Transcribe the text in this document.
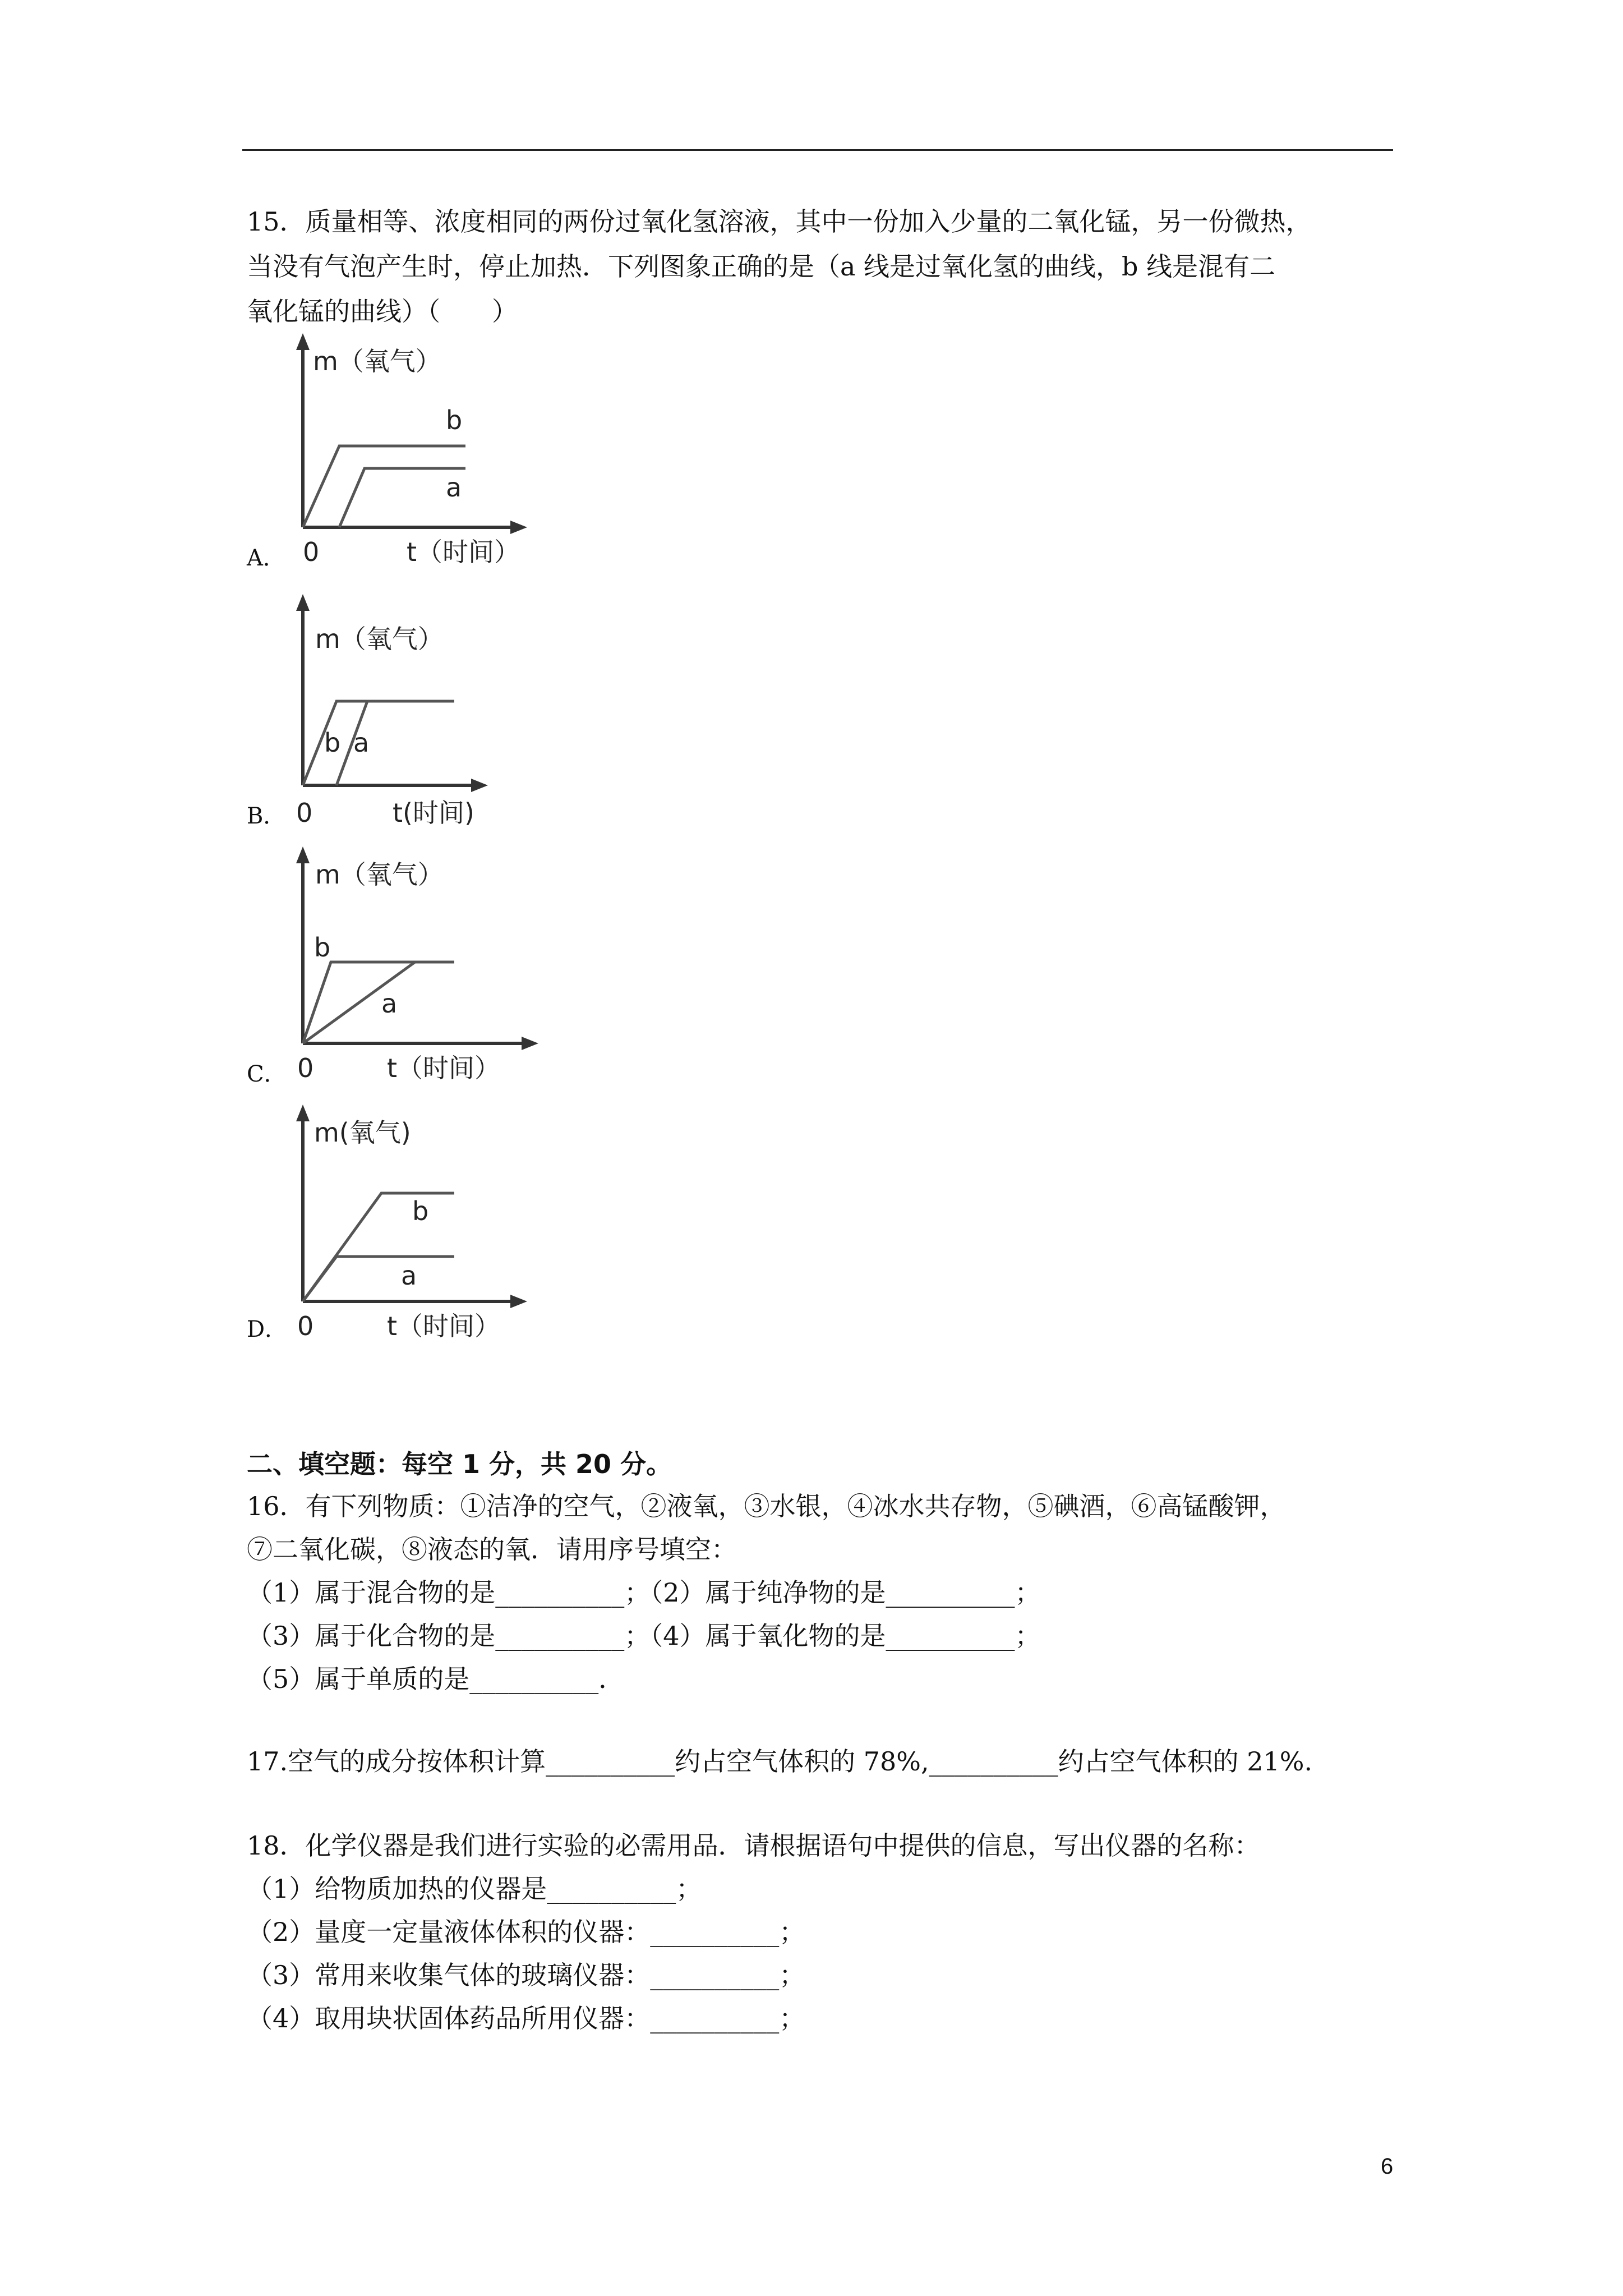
15．质量相等、浓度相同的两份过氧化氢溶液，其中一份加入少量的二氧化锰，另一份微热，
当没有气泡产生时，停止加热．下列图象正确的是（a 线是过氧化氢的曲线，b 线是混有二
氧化锰的曲线）（　　）
A．
m（氧气）
0	t（时间）
b
a
B．
m（氧气）
0	t(时间)
b a
C．
m（氧气）
0	t（时间）
b
a
D．
m(氧气)
0	t（时间）
b
a
二、填空题：每空 1 分，共 20 分。
16．有下列物质：①洁净的空气，②液氧，③水银，④冰水共存物，⑤碘酒，⑥高锰酸钾，
⑦二氧化碳，⑧液态的氧．请用序号填空：
（1）属于混合物的是__________；（2）属于纯净物的是__________；
（3）属于化合物的是__________；（4）属于氧化物的是__________；
（5）属于单质的是__________．
17.空气的成分按体积计算__________约占空气体积的 78%,__________约占空气体积的 21%.
18．化学仪器是我们进行实验的必需用品．请根据语句中提供的信息，写出仪器的名称：
（1）给物质加热的仪器是__________；
（2）量度一定量液体体积的仪器：__________；
（3）常用来收集气体的玻璃仪器：__________；
（4）取用块状固体药品所用仪器：__________；
6
